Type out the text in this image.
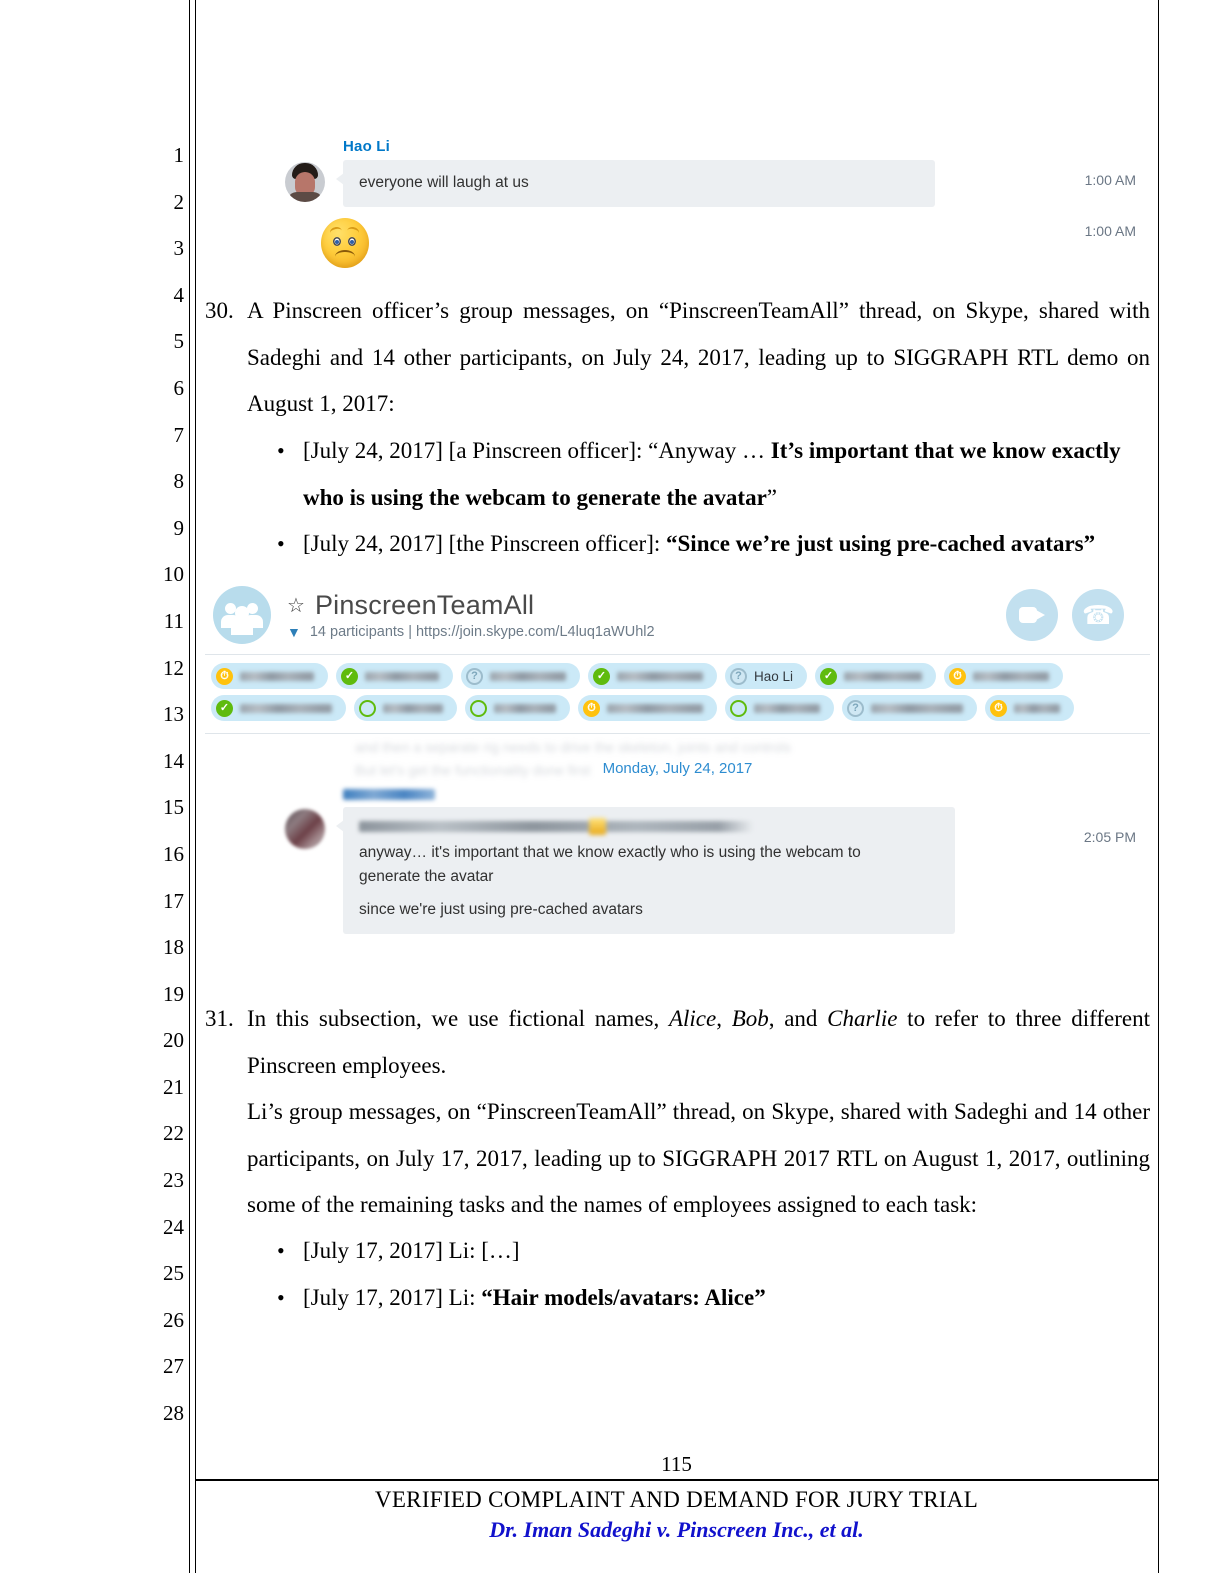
1
2
3
4
5
6
7
8
9
10
11
12
13
14
15
16
17
18
19
20
21
22
23
24
25
26
27
28
Hao Li
everyone will laugh at us	1:00 AM
1:00 AM
30. A Pinscreen officer’s group messages, on “PinscreenTeamAll” thread, on Skype, shared with Sadeghi and 14 other participants, on July 24, 2017, leading up to SIGGRAPH RTL demo on August 1, 2017:
• [July 24, 2017] [a Pinscreen officer]: “Anyway … It’s important that we know exactly who is using the webcam to generate the avatar”
• [July 24, 2017] [the Pinscreen officer]: “Since we’re just using pre-cached avatars”
☆ PinscreenTeamAll
▼ 14 participants | https://join.skype.com/L4luq1aWUhl2
☎
⏱	✓	?	✓	? Hao Li	✓	⏱
✓	⏱	?	⏱
and then a separate rig needs to drive the skeleton, joints and controls
But let's get the functionality done first Monday, July 24, 2017
anyway… it's important that we know exactly who is using the webcam to
generate the avatar
since we're just using pre-cached avatars
2:05 PM
31. In this subsection, we use fictional names, Alice, Bob, and Charlie to refer to three different Pinscreen employees.
Li’s group messages, on “PinscreenTeamAll” thread, on Skype, shared with Sadeghi and 14 other participants, on July 17, 2017, leading up to SIGGRAPH 2017 RTL on August 1, 2017, outlining some of the remaining tasks and the names of employees assigned to each task:
• [July 17, 2017] Li: […]
• [July 17, 2017] Li: “Hair models/avatars: Alice”
115
VERIFIED COMPLAINT AND DEMAND FOR JURY TRIAL
Dr. Iman Sadeghi v. Pinscreen Inc., et al.
